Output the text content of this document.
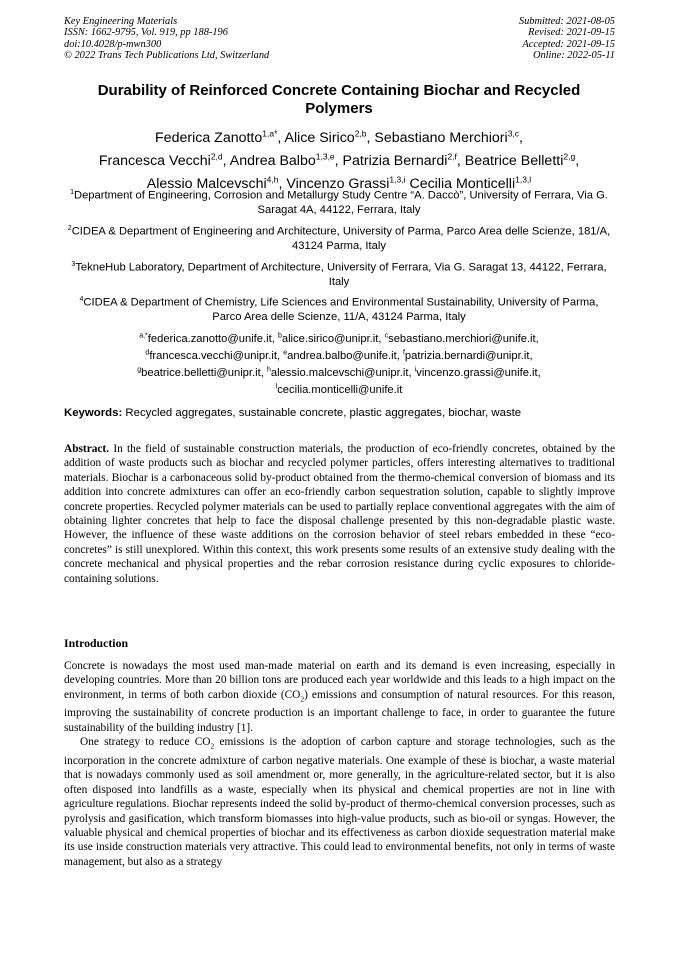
Key Engineering Materials
ISSN: 1662-9795, Vol. 919, pp 188-196
doi:10.4028/p-mwn300
© 2022 Trans Tech Publications Ltd, Switzerland
Submitted: 2021-08-05
Revised: 2021-09-15
Accepted: 2021-09-15
Online: 2022-05-11
Durability of Reinforced Concrete Containing Biochar and Recycled Polymers
Federica Zanotto$^{1,a*}$, Alice Sirico$^{2,b}$, Sebastiano Merchiori$^{3,c}$,
Francesca Vecchi$^{2,d}$, Andrea Balbo$^{1,3,e}$, Patrizia Bernardi$^{2,f}$, Beatrice Belletti$^{2,g}$,
Alessio Malcevschi$^{4,h}$, Vincenzo Grassi$^{1,3,i}$ Cecilia Monticelli$^{1,3,l}$
$^1$Department of Engineering, Corrosion and Metallurgy Study Centre “A. Daccò”, University of Ferrara, Via G. Saragat 4A, 44122, Ferrara, Italy
$^2$CIDEA & Department of Engineering and Architecture, University of Parma, Parco Area delle Scienze, 181/A, 43124 Parma, Italy
$^3$TekneHub Laboratory, Department of Architecture, University of Ferrara, Via G. Saragat 13, 44122, Ferrara, Italy
$^4$CIDEA & Department of Chemistry, Life Sciences and Environmental Sustainability, University of Parma, Parco Area delle Scienze, 11/A, 43124 Parma, Italy
$^{a,*}$federica.zanotto@unife.it, $^b$alice.sirico@unipr.it, $^c$sebastiano.merchiori@unife.it,
$^d$francesca.vecchi@unipr.it, $^e$andrea.balbo@unife.it, $^f$patrizia.bernardi@unipr.it,
$^g$beatrice.belletti@unipr.it, $^h$alessio.malcevschi@unipr.it, $^i$vincenzo.grassi@unife.it,
$^l$cecilia.monticelli@unife.it
Keywords: Recycled aggregates, sustainable concrete, plastic aggregates, biochar, waste

Abstract. In the field of sustainable construction materials, the production of eco-friendly concretes, obtained by the addition of waste products such as biochar and recycled polymer particles, offers interesting alternatives to traditional materials. Biochar is a carbonaceous solid by-product obtained from the thermo-chemical conversion of biomass and its addition into concrete admixtures can offer an eco-friendly carbon sequestration solution, capable to slightly improve concrete properties. Recycled polymer materials can be used to partially replace conventional aggregates with the aim of obtaining lighter concretes that help to face the disposal challenge presented by this non-degradable plastic waste. However, the influence of these waste additions on the corrosion behavior of steel rebars embedded in these “eco-concretes” is still unexplored. Within this context, this work presents some results of an extensive study dealing with the concrete mechanical and physical properties and the rebar corrosion resistance during cyclic exposures to chloride-containing solutions.

Introduction

Concrete is nowadays the most used man-made material on earth and its demand is even increasing, especially in developing countries. More than 20 billion tons are produced each year worldwide and this leads to a high impact on the environment, in terms of both carbon dioxide $(CO_2)$ emissions and consumption of natural resources. For this reason, improving the sustainability of concrete production is an important challenge to face, in order to guarantee the future sustainability of the building industry [1].

One strategy to reduce $CO_2$ emissions is the adoption of carbon capture and storage technologies, such as the incorporation in the concrete admixture of carbon negative materials. One example of these is biochar, a waste material that is nowadays commonly used as soil amendment or, more generally, in the agriculture-related sector, but it is also often disposed into landfills as a waste, especially when its physical and chemical properties are not in line with agriculture regulations. Biochar represents indeed the solid by-product of thermo-chemical conversion processes, such as pyrolysis and gasification, which transform biomasses into high-value products, such as bio-oil or syngas. However, the valuable physical and chemical properties of biochar and its effectiveness as carbon dioxide sequestration material make its use inside construction materials very attractive. This could lead to environmental benefits, not only in terms of waste management, but also as a strategy
